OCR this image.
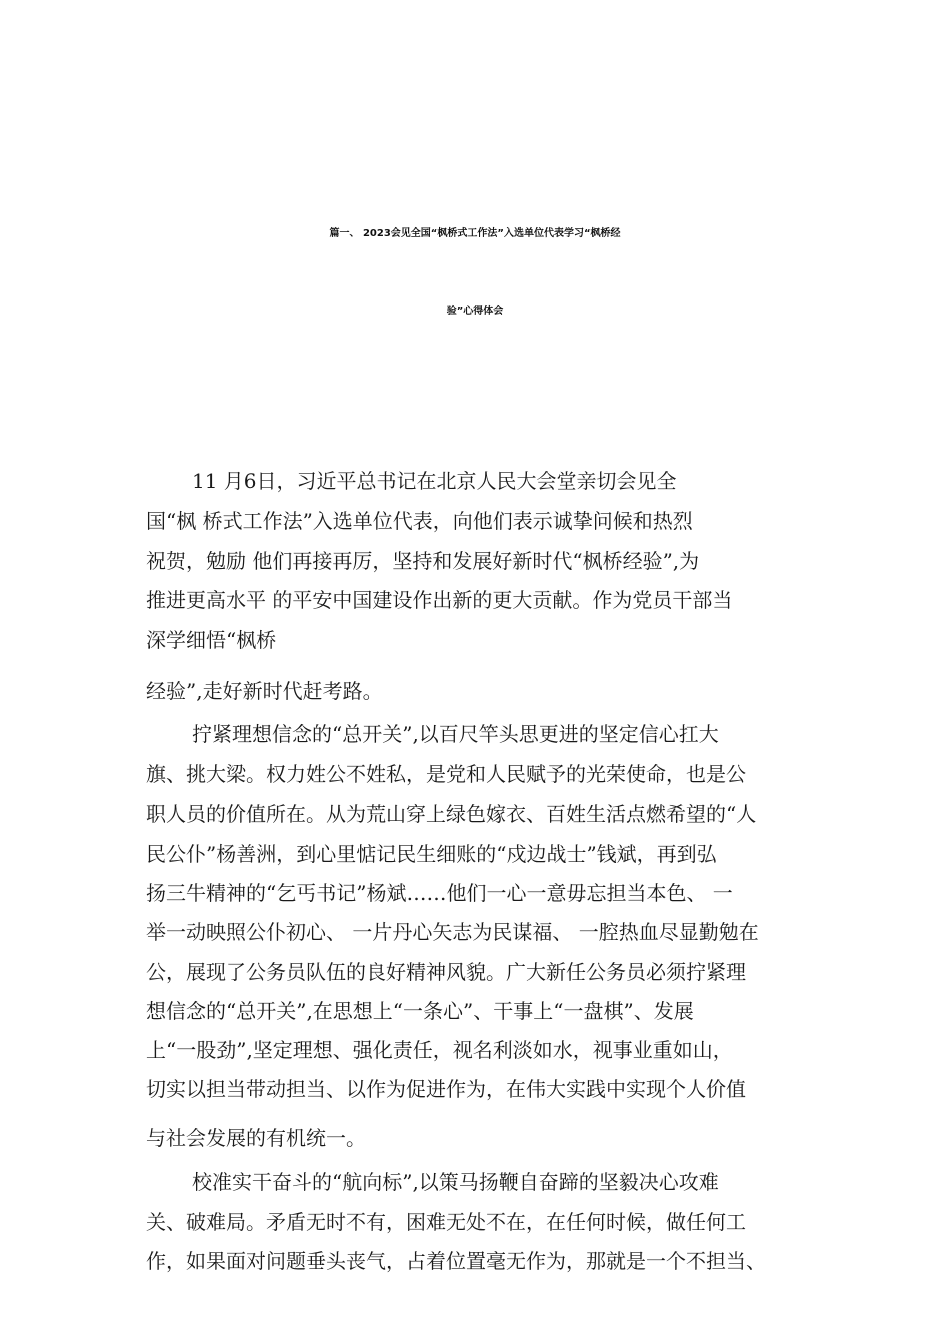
篇一、 2023会见全国“枫桥式工作法”入选单位代表学习“枫桥经
验”心得体会

11 月6日，习近平总书记在北京人民大会堂亲切会见全

国“枫 桥式工作法”入选单位代表，向他们表示诚挚问候和热烈

祝贺，勉励 他们再接再厉，坚持和发展好新时代“枫桥经验”,为

推进更高水平 的平安中国建设作出新的更大贡献。作为党员干部当

深学细悟“枫桥

经验”,走好新时代赶考路。

拧紧理想信念的“总开关”,以百尺竿头思更进的坚定信心扛大

旗、挑大梁。权力姓公不姓私，是党和人民赋予的光荣使命，也是公

职人员的价值所在。从为荒山穿上绿色嫁衣、百姓生活点燃希望的“人

民公仆”杨善洲，到心里惦记民生细账的“戍边战士”钱斌，再到弘

扬三牛精神的“乞丐书记”杨斌……他们一心一意毋忘担当本色、 一

举一动映照公仆初心、 一片丹心矢志为民谋福、 一腔热血尽显勤勉在

公，展现了公务员队伍的良好精神风貌。广大新任公务员必须拧紧理

想信念的“总开关”,在思想上“一条心”、干事上“一盘棋”、发展

上“一股劲”,坚定理想、强化责任，视名利淡如水，视事业重如山，

切实以担当带动担当、以作为促进作为，在伟大实践中实现个人价值

与社会发展的有机统一。

校准实干奋斗的“航向标”,以策马扬鞭自奋蹄的坚毅决心攻难

关、破难局。矛盾无时不有，困难无处不在，在任何时候，做任何工

作，如果面对问题垂头丧气，占着位置毫无作为，那就是一个不担当、
